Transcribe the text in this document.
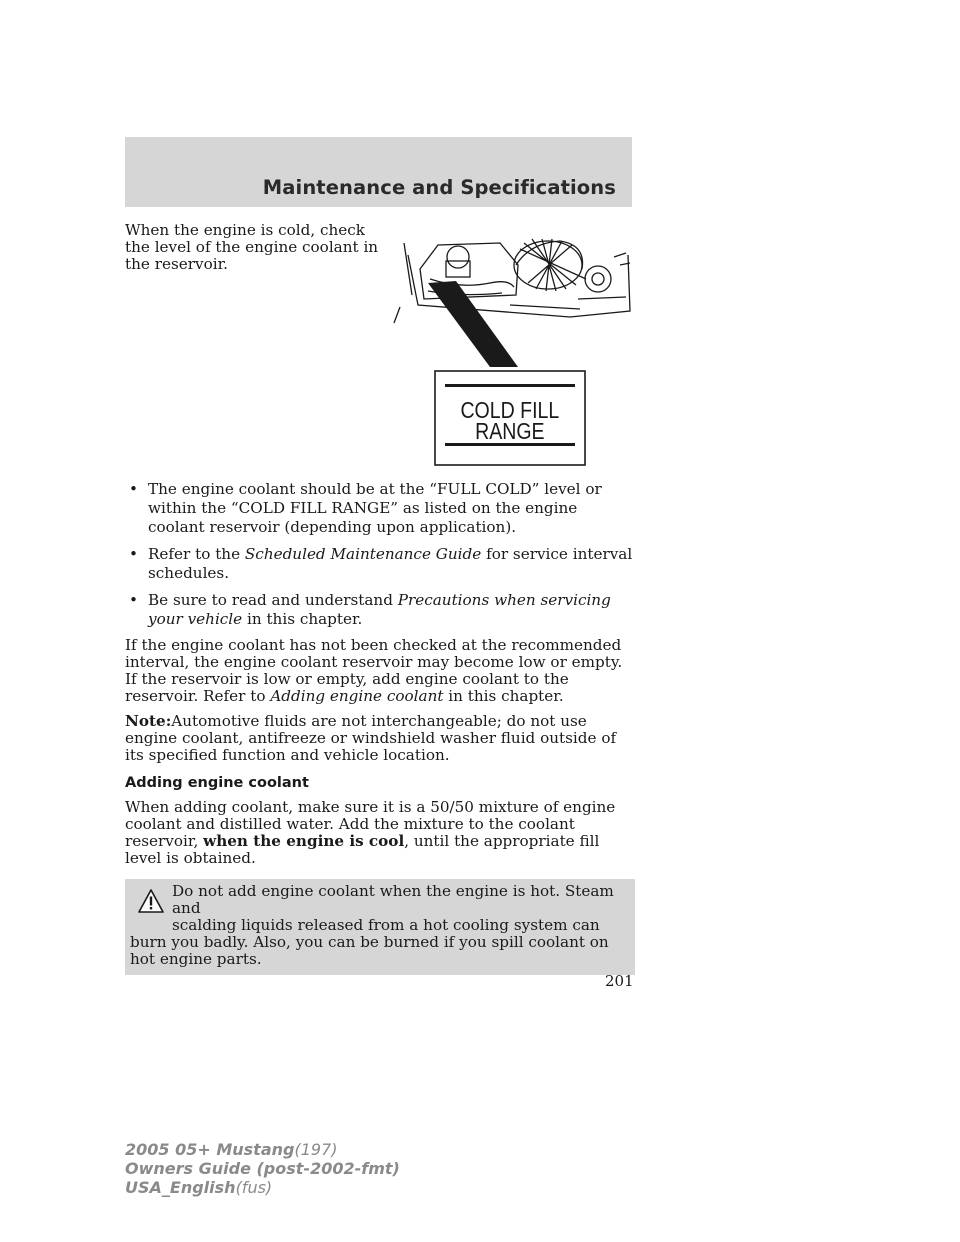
Maintenance and Specifications

When the engine is cold, check the level of the engine coolant in the reservoir.

• The engine coolant should be at the “FULL COLD” level or within the “COLD FILL RANGE” as listed on the engine coolant reservoir (depending upon application).
• Refer to the Scheduled Maintenance Guide for service interval schedules.
• Be sure to read and understand Precautions when servicing your vehicle in this chapter.

If the engine coolant has not been checked at the recommended interval, the engine coolant reservoir may become low or empty. If the reservoir is low or empty, add engine coolant to the reservoir. Refer to Adding engine coolant in this chapter.

Note:Automotive fluids are not interchangeable; do not use engine coolant, antifreeze or windshield washer fluid outside of its specified function and vehicle location.

Adding engine coolant

When adding coolant, make sure it is a 50/50 mixture of engine coolant and distilled water. Add the mixture to the coolant reservoir, when the engine is cool, until the appropriate fill level is obtained.

Do not add engine coolant when the engine is hot. Steam and
scalding liquids released from a hot cooling system can burn you badly. Also, you can be burned if you spill coolant on hot engine parts.
COLD FILL
RANGE
201
2005 05+ Mustang(197)
Owners Guide (post-2002-fmt)
USA_English(fus)
